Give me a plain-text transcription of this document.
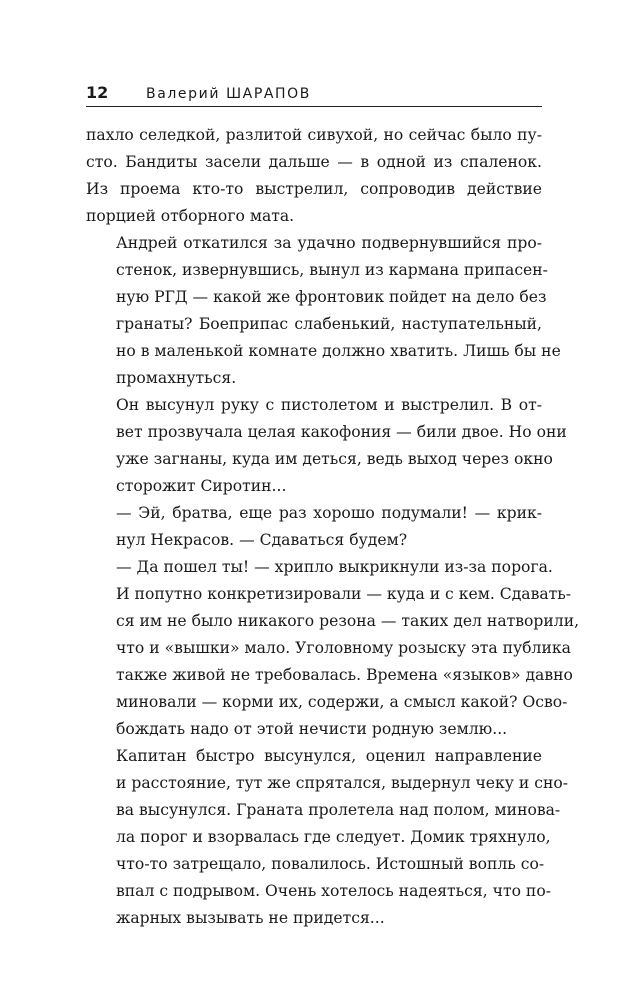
12	Валерий ШАРАПОВ

пахло селедкой, разлитой сивухой, но сейчас было пу-
сто. Бандиты засели дальше — в одной из спаленок.
Из проема кто-то выстрелил, сопроводив действие
порцией отборного мата.

Андрей откатился за удачно подвернувшийся про-
стенок, извернувшись, вынул из кармана припасен-
ную РГД — какой же фронтовик пойдет на дело без
гранаты? Боеприпас слабенький, наступательный,
но в маленькой комнате должно хватить. Лишь бы не
промахнуться.

Он высунул руку с пистолетом и выстрелил. В от-
вет прозвучала целая какофония — били двое. Но они
уже загнаны, куда им деться, ведь выход через окно
сторожит Сиротин...

— Эй, братва, еще раз хорошо подумали! — крик-
нул Некрасов. — Сдаваться будем?

— Да пошел ты! — хрипло выкрикнули из-за порога.
И попутно конкретизировали — куда и с кем. Сдавать-
ся им не было никакого резона — таких дел натворили,
что и «вышки» мало. Уголовному розыску эта публика
также живой не требовалась. Времена «языков» давно
миновали — корми их, содержи, а смысл какой? Осво-
бождать надо от этой нечисти родную землю...

Капитан быстро высунулся, оценил направление
и расстояние, тут же спрятался, выдернул чеку и сно-
ва высунулся. Граната пролетела над полом, минова-
ла порог и взорвалась где следует. Домик тряхнуло,
что-то затрещало, повалилось. Истошный вопль со-
впал с подрывом. Очень хотелось надеяться, что по-
жарных вызывать не придется...
